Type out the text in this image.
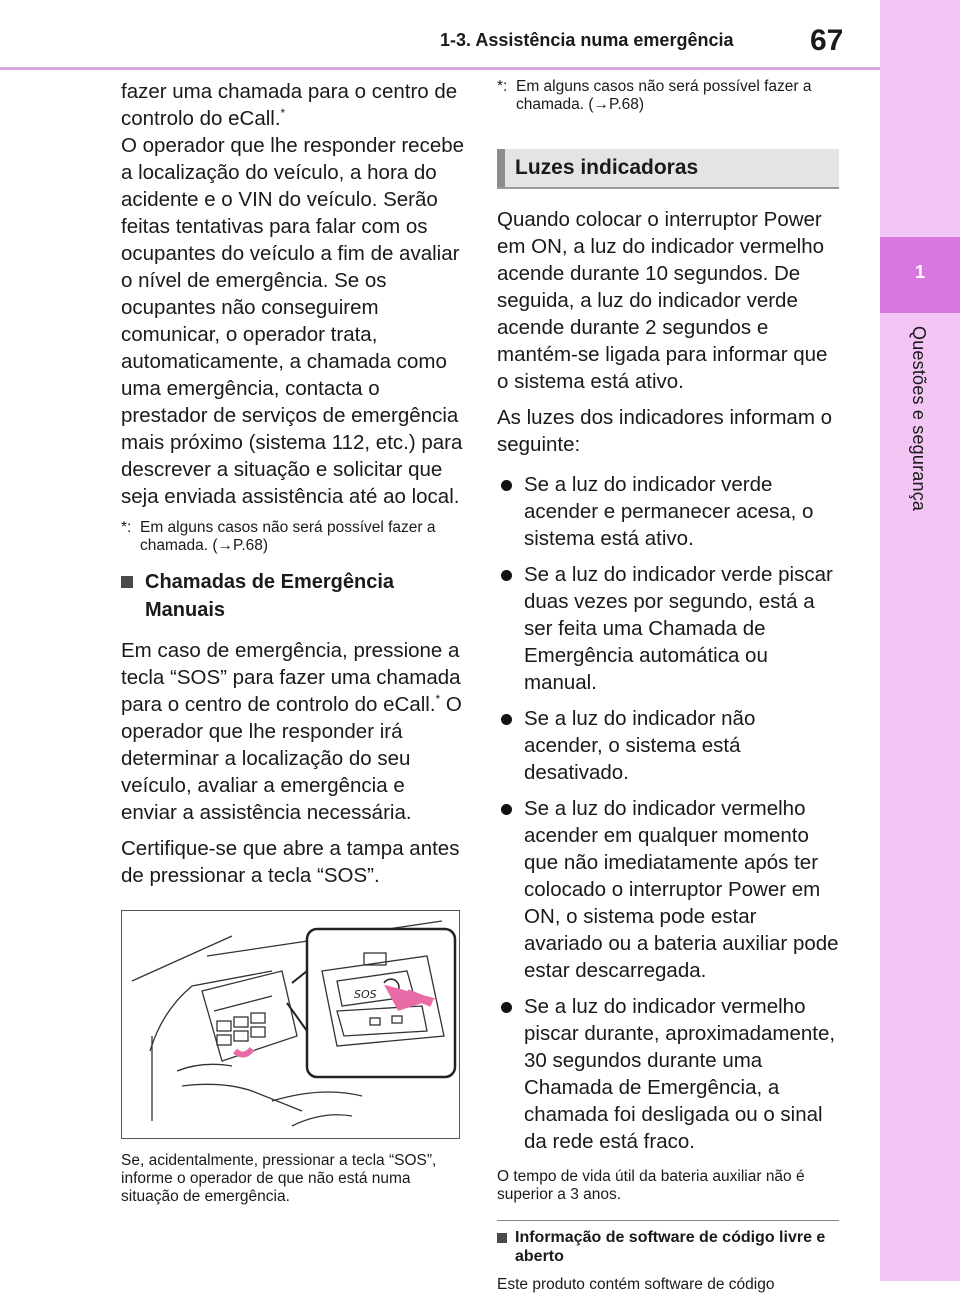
1-3. Assistência numa emergência	67
1
Questões e segurança

fazer uma chamada para o centro de controlo do eCall.*

O operador que lhe responder recebe a localização do veículo, a hora do acidente e o VIN do veículo. Serão feitas tentativas para falar com os ocupantes do veículo a fim de avaliar o nível de emergência. Se os ocupantes não conseguirem comunicar, o operador trata, automaticamente, a chamada como uma emergência, contacta o prestador de serviços de emergência mais próximo (sistema 112, etc.) para descrever a situação e solicitar que seja enviada assistência até ao local.

*: Em alguns casos não será possível fazer a chamada. (→P.68)
Chamadas de Emergência Manuais

Em caso de emergência, pressione a tecla “SOS” para fazer uma chamada para o centro de controlo do eCall.* O operador que lhe responder irá determinar a localização do seu veículo, avaliar a emergência e enviar a assistência necessária.

Certifique-se que abre a tampa antes de pressionar a tecla “SOS”.

SOS

Se, acidentalmente, pressionar a tecla “SOS”, informe o operador de que não está numa situação de emergência.

*: Em alguns casos não será possível fazer a chamada. (→P.68)
Luzes indicadoras

Quando colocar o interruptor Power em ON, a luz do indicador vermelho acende durante 10 segundos. De seguida, a luz do indicador verde acende durante 2 segundos e mantém-se ligada para informar que o sistema está ativo.

As luzes dos indicadores informam o seguinte:

Se a luz do indicador verde acender e permanecer acesa, o sistema está ativo.
Se a luz do indicador verde piscar duas vezes por segundo, está a ser feita uma Chamada de Emergência automática ou manual.
Se a luz do indicador não acender, o sistema está desativado.
Se a luz do indicador vermelho acender em qualquer momento que não imediatamente após ter colocado o interruptor Power em ON, o sistema pode estar avariado ou a bateria auxiliar pode estar descarregada.
Se a luz do indicador vermelho piscar durante, aproximadamente, 30 segundos durante uma Chamada de Emergência, a chamada foi desligada ou o sinal da rede está fraco.

O tempo de vida útil da bateria auxiliar não é superior a 3 anos.

Informação de software de código livre e aberto

Este produto contém software de código
